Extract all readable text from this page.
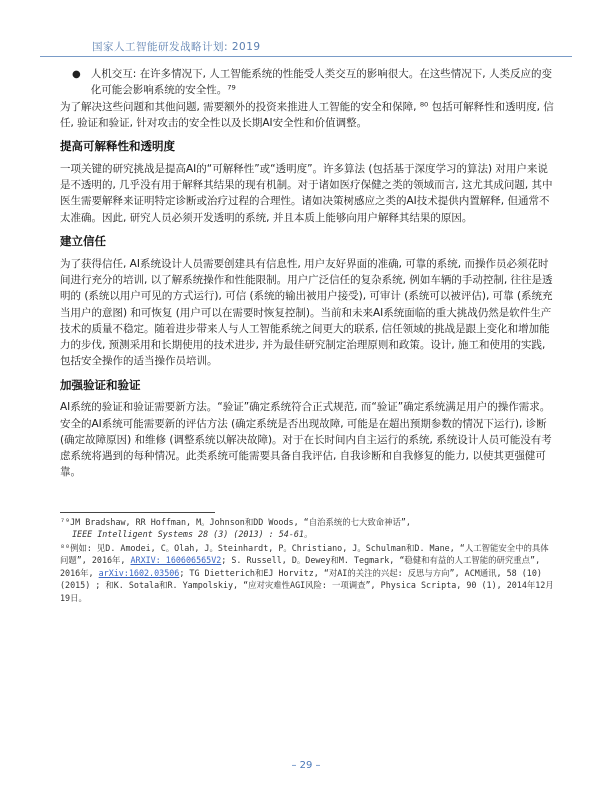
国家人工智能研发战略计划: 2019
● 人机交互: 在许多情况下, 人工智能系统的性能受人类交互的影响很大。在这些情况下, 人类反应的变化可能会影响系统的安全性。⁷⁹

为了解决这些问题和其他问题, 需要额外的投资来推进人工智能的安全和保障, ⁸⁰ 包括可解释性和透明度, 信任, 验证和验证, 针对攻击的安全性以及长期AI安全性和价值调整。

提高可解释性和透明度

一项关键的研究挑战是提高AI的“可解释性”或“透明度”。许多算法 (包括基于深度学习的算法) 对用户来说是不透明的, 几乎没有用于解释其结果的现有机制。对于诸如医疗保健之类的领域而言, 这尤其成问题, 其中医生需要解释来证明特定诊断或治疗过程的合理性。诸如决策树感应之类的AI技术提供内置解释, 但通常不太准确。因此, 研究人员必须开发透明的系统, 并且本质上能够向用户解释其结果的原因。

建立信任

为了获得信任, AI系统设计人员需要创建具有信息性, 用户友好界面的准确, 可靠的系统, 而操作员必须花时间进行充分的培训, 以了解系统操作和性能限制。用户广泛信任的复杂系统, 例如车辆的手动控制, 往往是透明的 (系统以用户可见的方式运行), 可信 (系统的输出被用户接受), 可审计 (系统可以被评估), 可靠 (系统充当用户的意图) 和可恢复 (用户可以在需要时恢复控制)。当前和未来AI系统面临的重大挑战仍然是软件生产技术的质量不稳定。随着进步带来人与人工智能系统之间更大的联系, 信任领域的挑战是跟上变化和增加能力的步伐, 预测采用和长期使用的技术进步, 并为最佳研究制定治理原则和政策。设计, 施工和使用的实践, 包括安全操作的适当操作员培训。

加强验证和验证

AI系统的验证和验证需要新方法。“验证”确定系统符合正式规范, 而“验证”确定系统满足用户的操作需求。安全的AI系统可能需要新的评估方法 (确定系统是否出现故障, 可能是在超出预期参数的情况下运行), 诊断 (确定故障原因) 和维修 (调整系统以解决故障)。对于在长时间内自主运行的系统, 系统设计人员可能没有考虑系统将遇到的每种情况。此类系统可能需要具备自我评估, 自我诊断和自我修复的能力, 以使其更强健可靠。

⁷⁹JM Bradshaw, RR Hoffman, M。Johnson和DD Woods, “自治系统的七大致命神话”,
IEEE Intelligent Systems 28 (3) (2013) : 54-61。
⁸⁰例如: 见D. Amodei, C。Olah, J。Steinhardt, P。Christiano, J。Schulman和D. Mane, “人工智能安全中的具体问题”, 2016年, ARXIV: 160606565V2; S. Russell, D。Dewey和M. Tegmark, “稳健和有益的人工智能的研究重点”, 2016年, arXiv:1602.03506; TG Dietterich和EJ Horvitz, “对AI的关注的兴起: 反思与方向”, ACM通讯, 58 (10) (2015) ; 和K. Sotala和R. Yampolskiy, “应对灾难性AGI风险: 一项调查”, Physica Scripta, 90 (1), 2014年12月19日。
– 29 –
